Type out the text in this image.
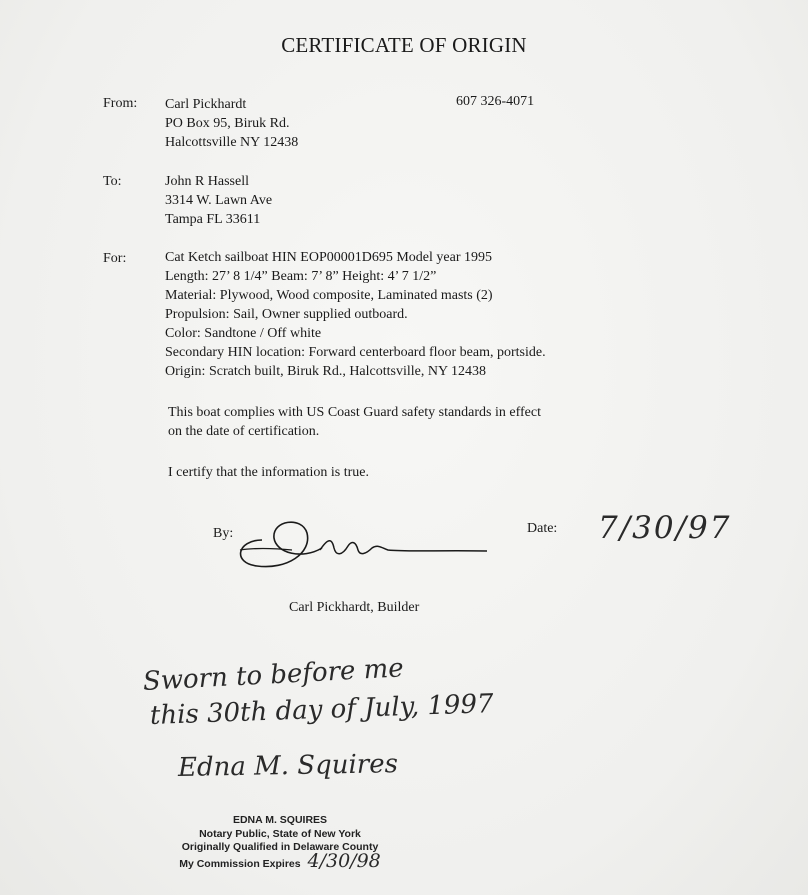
CERTIFICATE OF ORIGIN
From: Carl Pickhardt
PO Box 95, Biruk Rd.
Halcottsville NY 12438
607 326-4071
To:	John R Hassell
3314 W. Lawn Ave
Tampa FL 33611
For:	Cat Ketch sailboat HIN EOP00001D695 Model year 1995
Length: 27’ 8 1/4” Beam: 7’ 8” Height: 4’ 7 1/2”
Material: Plywood, Wood composite, Laminated masts (2)
Propulsion: Sail, Owner supplied outboard.
Color: Sandtone / Off white
Secondary HIN location: Forward centerboard floor beam, portside.
Origin: Scratch built, Biruk Rd., Halcottsville, NY 12438
This boat complies with US Coast Guard safety standards in effect
on the date of certification.
I certify that the information is true.
By:	Date: 7/30/97
Carl Pickhardt, Builder
Sworn to before me
this 30th day of July, 1997
Edna M. Squires
EDNA M. SQUIRES
Notary Public, State of New York
Originally Qualified in Delaware County
My Commission Expires 4/30/98
